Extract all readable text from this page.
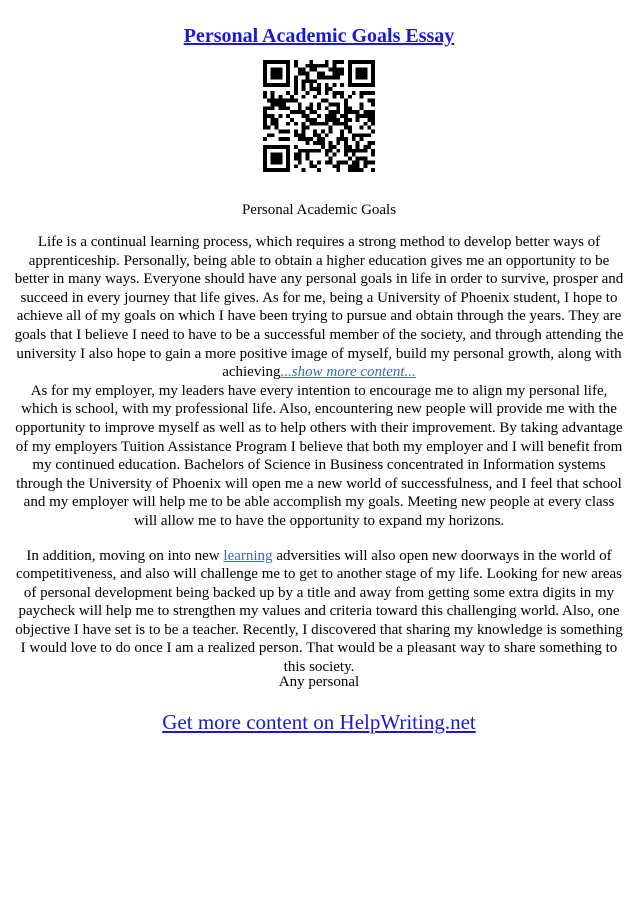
Personal Academic Goals Essay
Personal Academic Goals

Life is a continual learning process, which requires a strong method to develop better ways of apprenticeship. Personally, being able to obtain a higher education gives me an opportunity to be better in many ways. Everyone should have any personal goals in life in order to survive, prosper and succeed in every journey that life gives. As for me, being a University of Phoenix student, I hope to achieve all of my goals on which I have been trying to pursue and obtain through the years. They are goals that I believe I need to have to be a successful member of the society, and through attending the university I also hope to gain a more positive image of myself, build my personal growth, along with achieving...show more content...

As for my employer, my leaders have every intention to encourage me to align my personal life, which is school, with my professional life. Also, encountering new people will provide me with the opportunity to improve myself as well as to help others with their improvement. By taking advantage of my employers Tuition Assistance Program I believe that both my employer and I will benefit from my continued education. Bachelors of Science in Business concentrated in Information systems through the University of Phoenix will open me a new world of successfulness, and I feel that school and my employer will help me to be able accomplish my goals. Meeting new people at every class will allow me to have the opportunity to expand my horizons.

In addition, moving on into new learning adversities will also open new doorways in the world of competitiveness, and also will challenge me to get to another stage of my life. Looking for new areas of personal development being backed up by a title and away from getting some extra digits in my paycheck will help me to strengthen my values and criteria toward this challenging world. Also, one objective I have set is to be a teacher. Recently, I discovered that sharing my knowledge is something I would love to do once I am a realized person. That would be a pleasant way to share something to this society.

Any personal
Get more content on HelpWriting.net
